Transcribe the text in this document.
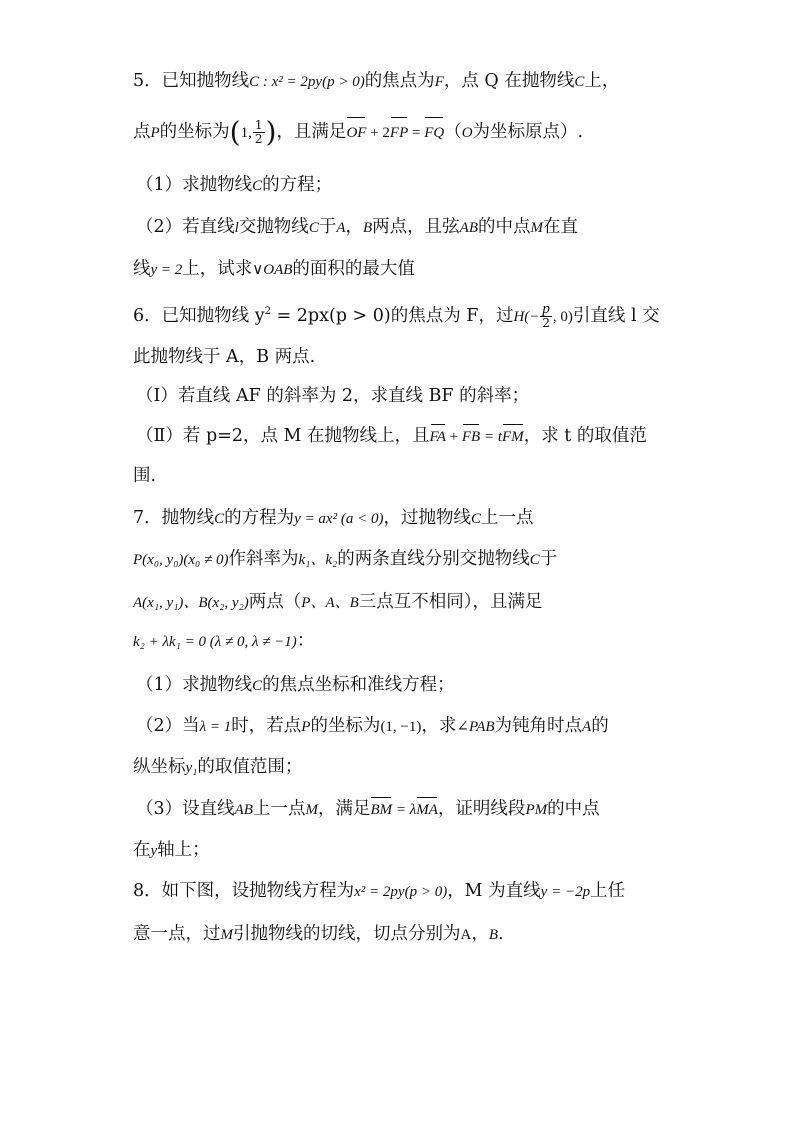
5．已知抛物线C : x² = 2py(p > 0)的焦点为F，点 Q 在抛物线C上，
点P的坐标为(1, $\frac{1}{2}$ )，且满足OF + 2FP = FQ（O为坐标原点）.
（1）求抛物线C的方程；
（2）若直线l交抛物线C于A，B两点，且弦AB的中点M在直
线y = 2上，试求∨OAB的面积的最大值
6．已知抛物线 $y^2 = 2px(p > 0)$的焦点为 F，过$H(- \frac{p}{2}$ , 0)引直线 l 交
此抛物线于 A，B 两点.
（Ⅰ）若直线 AF 的斜率为 2，求直线 BF 的斜率；
（Ⅱ）若 p=2，点 M 在抛物线上，且FA + FB = tFM，求 t 的取值范
围.
7．抛物线C的方程为y = ax² (a < 0)，过抛物线C上一点
P(x₀, y₀)(x₀ ≠ 0)作斜率为k₁、k₂的两条直线分别交抛物线C于
A(x₁, y₁)、B(x₂, y₂)两点（P、A、B三点互不相同），且满足
k₂ + λk₁ = 0 (λ ≠ 0, λ ≠ −1)：
（1）求抛物线C的焦点坐标和准线方程；
（2）当λ = 1时，若点P的坐标为(1, −1)，求∠PAB为钝角时点A的
纵坐标y₁的取值范围；
（3）设直线AB上一点M，满足BM = λMA，证明线段PM的中点
在y轴上；
8．如下图，设抛物线方程为x² = 2py(p > 0)，M 为直线y = −2p上任
意一点，过M引抛物线的切线，切点分别为A，B.
